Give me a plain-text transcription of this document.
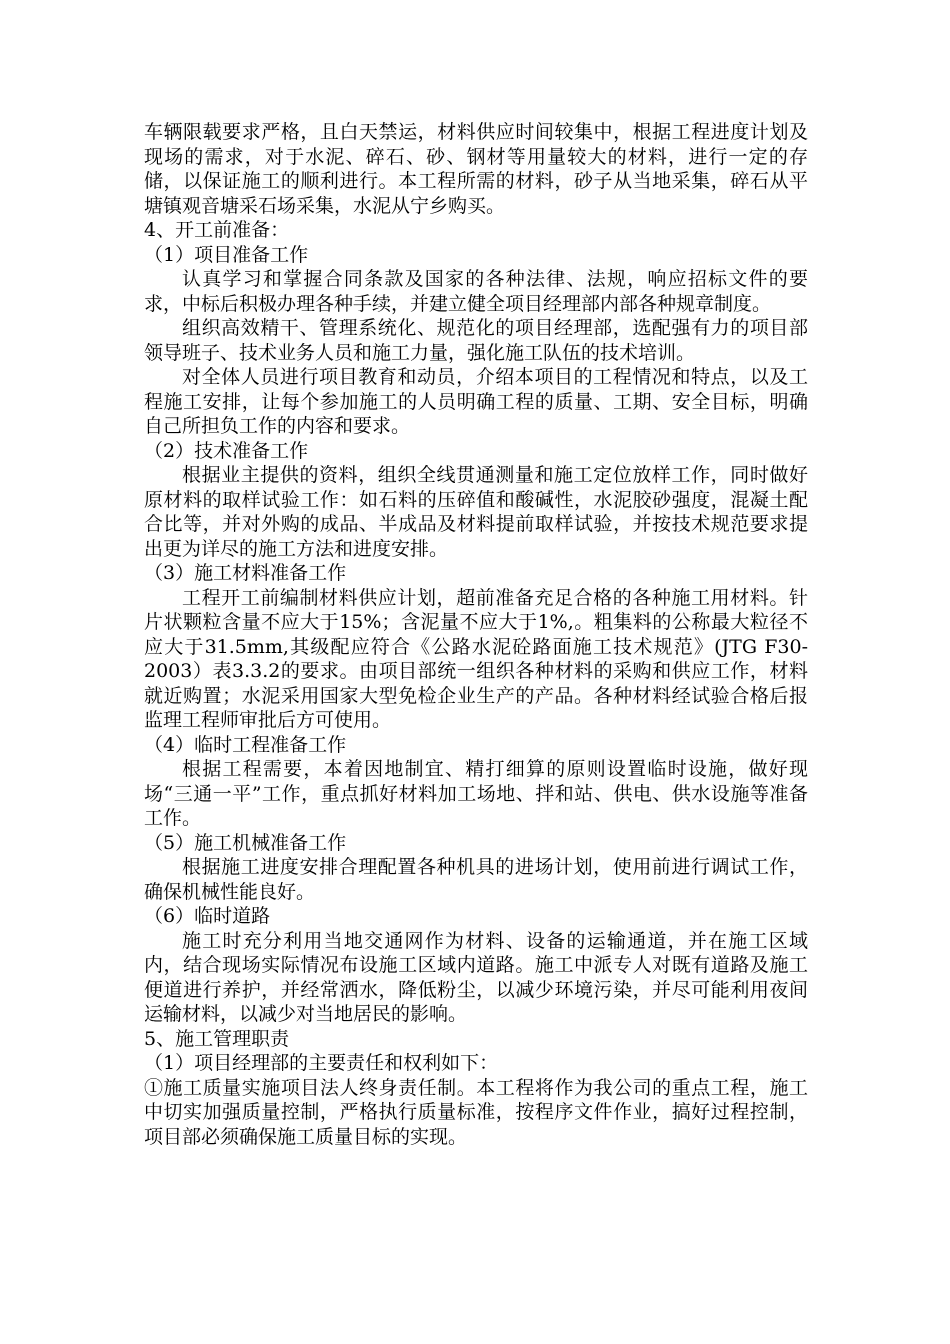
车辆限载要求严格，且白天禁运，材料供应时间较集中，根据工程进度计划及现场的需求，对于水泥、碎石、砂、钢材等用量较大的材料，进行一定的存储，以保证施工的顺利进行。本工程所需的材料，砂子从当地采集，碎石从平塘镇观音塘采石场采集，水泥从宁乡购买。

4、开工前准备：

（1）项目准备工作

认真学习和掌握合同条款及国家的各种法律、法规，响应招标文件的要求，中标后积极办理各种手续，并建立健全项目经理部内部各种规章制度。

组织高效精干、管理系统化、规范化的项目经理部，选配强有力的项目部领导班子、技术业务人员和施工力量，强化施工队伍的技术培训。

对全体人员进行项目教育和动员，介绍本项目的工程情况和特点，以及工程施工安排，让每个参加施工的人员明确工程的质量、工期、安全目标，明确自己所担负工作的内容和要求。

（2）技术准备工作

根据业主提供的资料，组织全线贯通测量和施工定位放样工作，同时做好原材料的取样试验工作：如石料的压碎值和酸碱性，水泥胶砂强度，混凝土配合比等，并对外购的成品、半成品及材料提前取样试验，并按技术规范要求提出更为详尽的施工方法和进度安排。

（3）施工材料准备工作

工程开工前编制材料供应计划，超前准备充足合格的各种施工用材料。针片状颗粒含量不应大于15%；含泥量不应大于1%,。粗集料的公称最大粒径不应大于31.5mm,其级配应符合《公路水泥砼路面施工技术规范》(JTG F30-2003）表3.3.2的要求。由项目部统一组织各种材料的采购和供应工作，材料就近购置；水泥采用国家大型免检企业生产的产品。各种材料经试验合格后报监理工程师审批后方可使用。

（4）临时工程准备工作

根据工程需要，本着因地制宜、精打细算的原则设置临时设施，做好现场“三通一平”工作，重点抓好材料加工场地、拌和站、供电、供水设施等准备工作。

（5）施工机械准备工作

根据施工进度安排合理配置各种机具的进场计划，使用前进行调试工作，确保机械性能良好。

（6）临时道路

施工时充分利用当地交通网作为材料、设备的运输通道，并在施工区域内，结合现场实际情况布设施工区域内道路。施工中派专人对既有道路及施工便道进行养护，并经常洒水，降低粉尘，以减少环境污染，并尽可能利用夜间运输材料，以减少对当地居民的影响。

5、施工管理职责

（1）项目经理部的主要责任和权利如下：

①施工质量实施项目法人终身责任制。本工程将作为我公司的重点工程，施工中切实加强质量控制，严格执行质量标准，按程序文件作业，搞好过程控制，项目部必须确保施工质量目标的实现。
